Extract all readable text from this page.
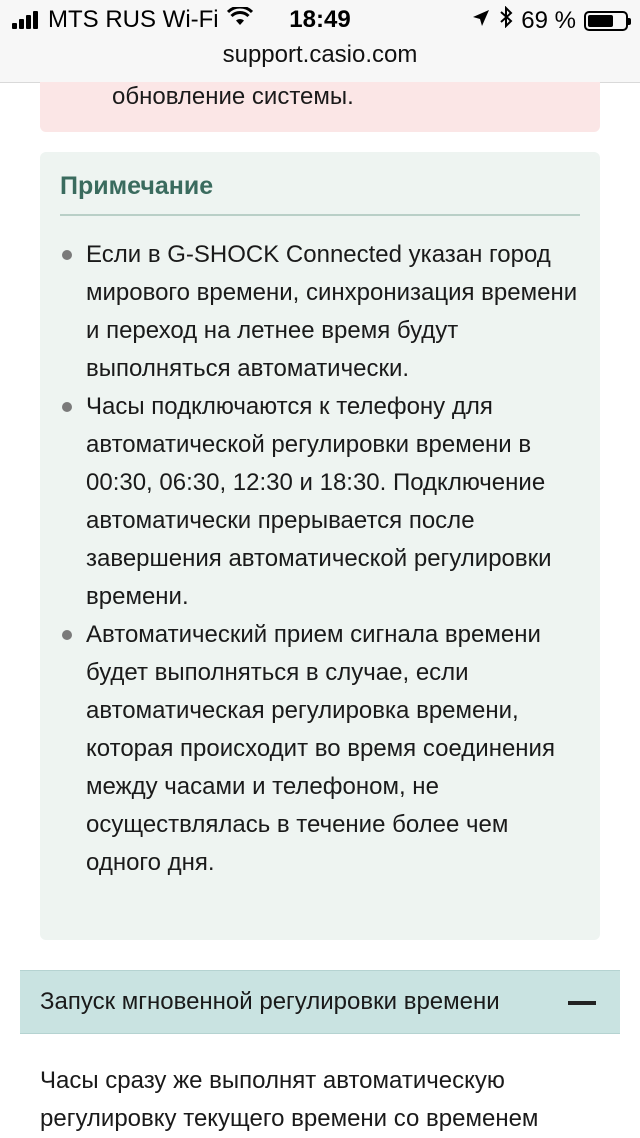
MTS RUS Wi-Fi	18:49	69 %
support.casio.com
обновление системы.
Примечание
Если в G-SHOCK Connected указан город мирового времени, синхронизация времени и переход на летнее время будут выполняться автоматически.
Часы подключаются к телефону для автоматической регулировки времени в 00:30, 06:30, 12:30 и 18:30. Подключение автоматически прерывается после завершения автоматической регулировки времени.
Автоматический прием сигнала времени будет выполняться в случае, если автоматическая регулировка времени, которая происходит во время соединения между часами и телефоном, не осуществлялась в течение более чем одного дня.
Запуск мгновенной регулировки времени
Часы сразу же выполнят автоматическую регулировку текущего времени со временем
